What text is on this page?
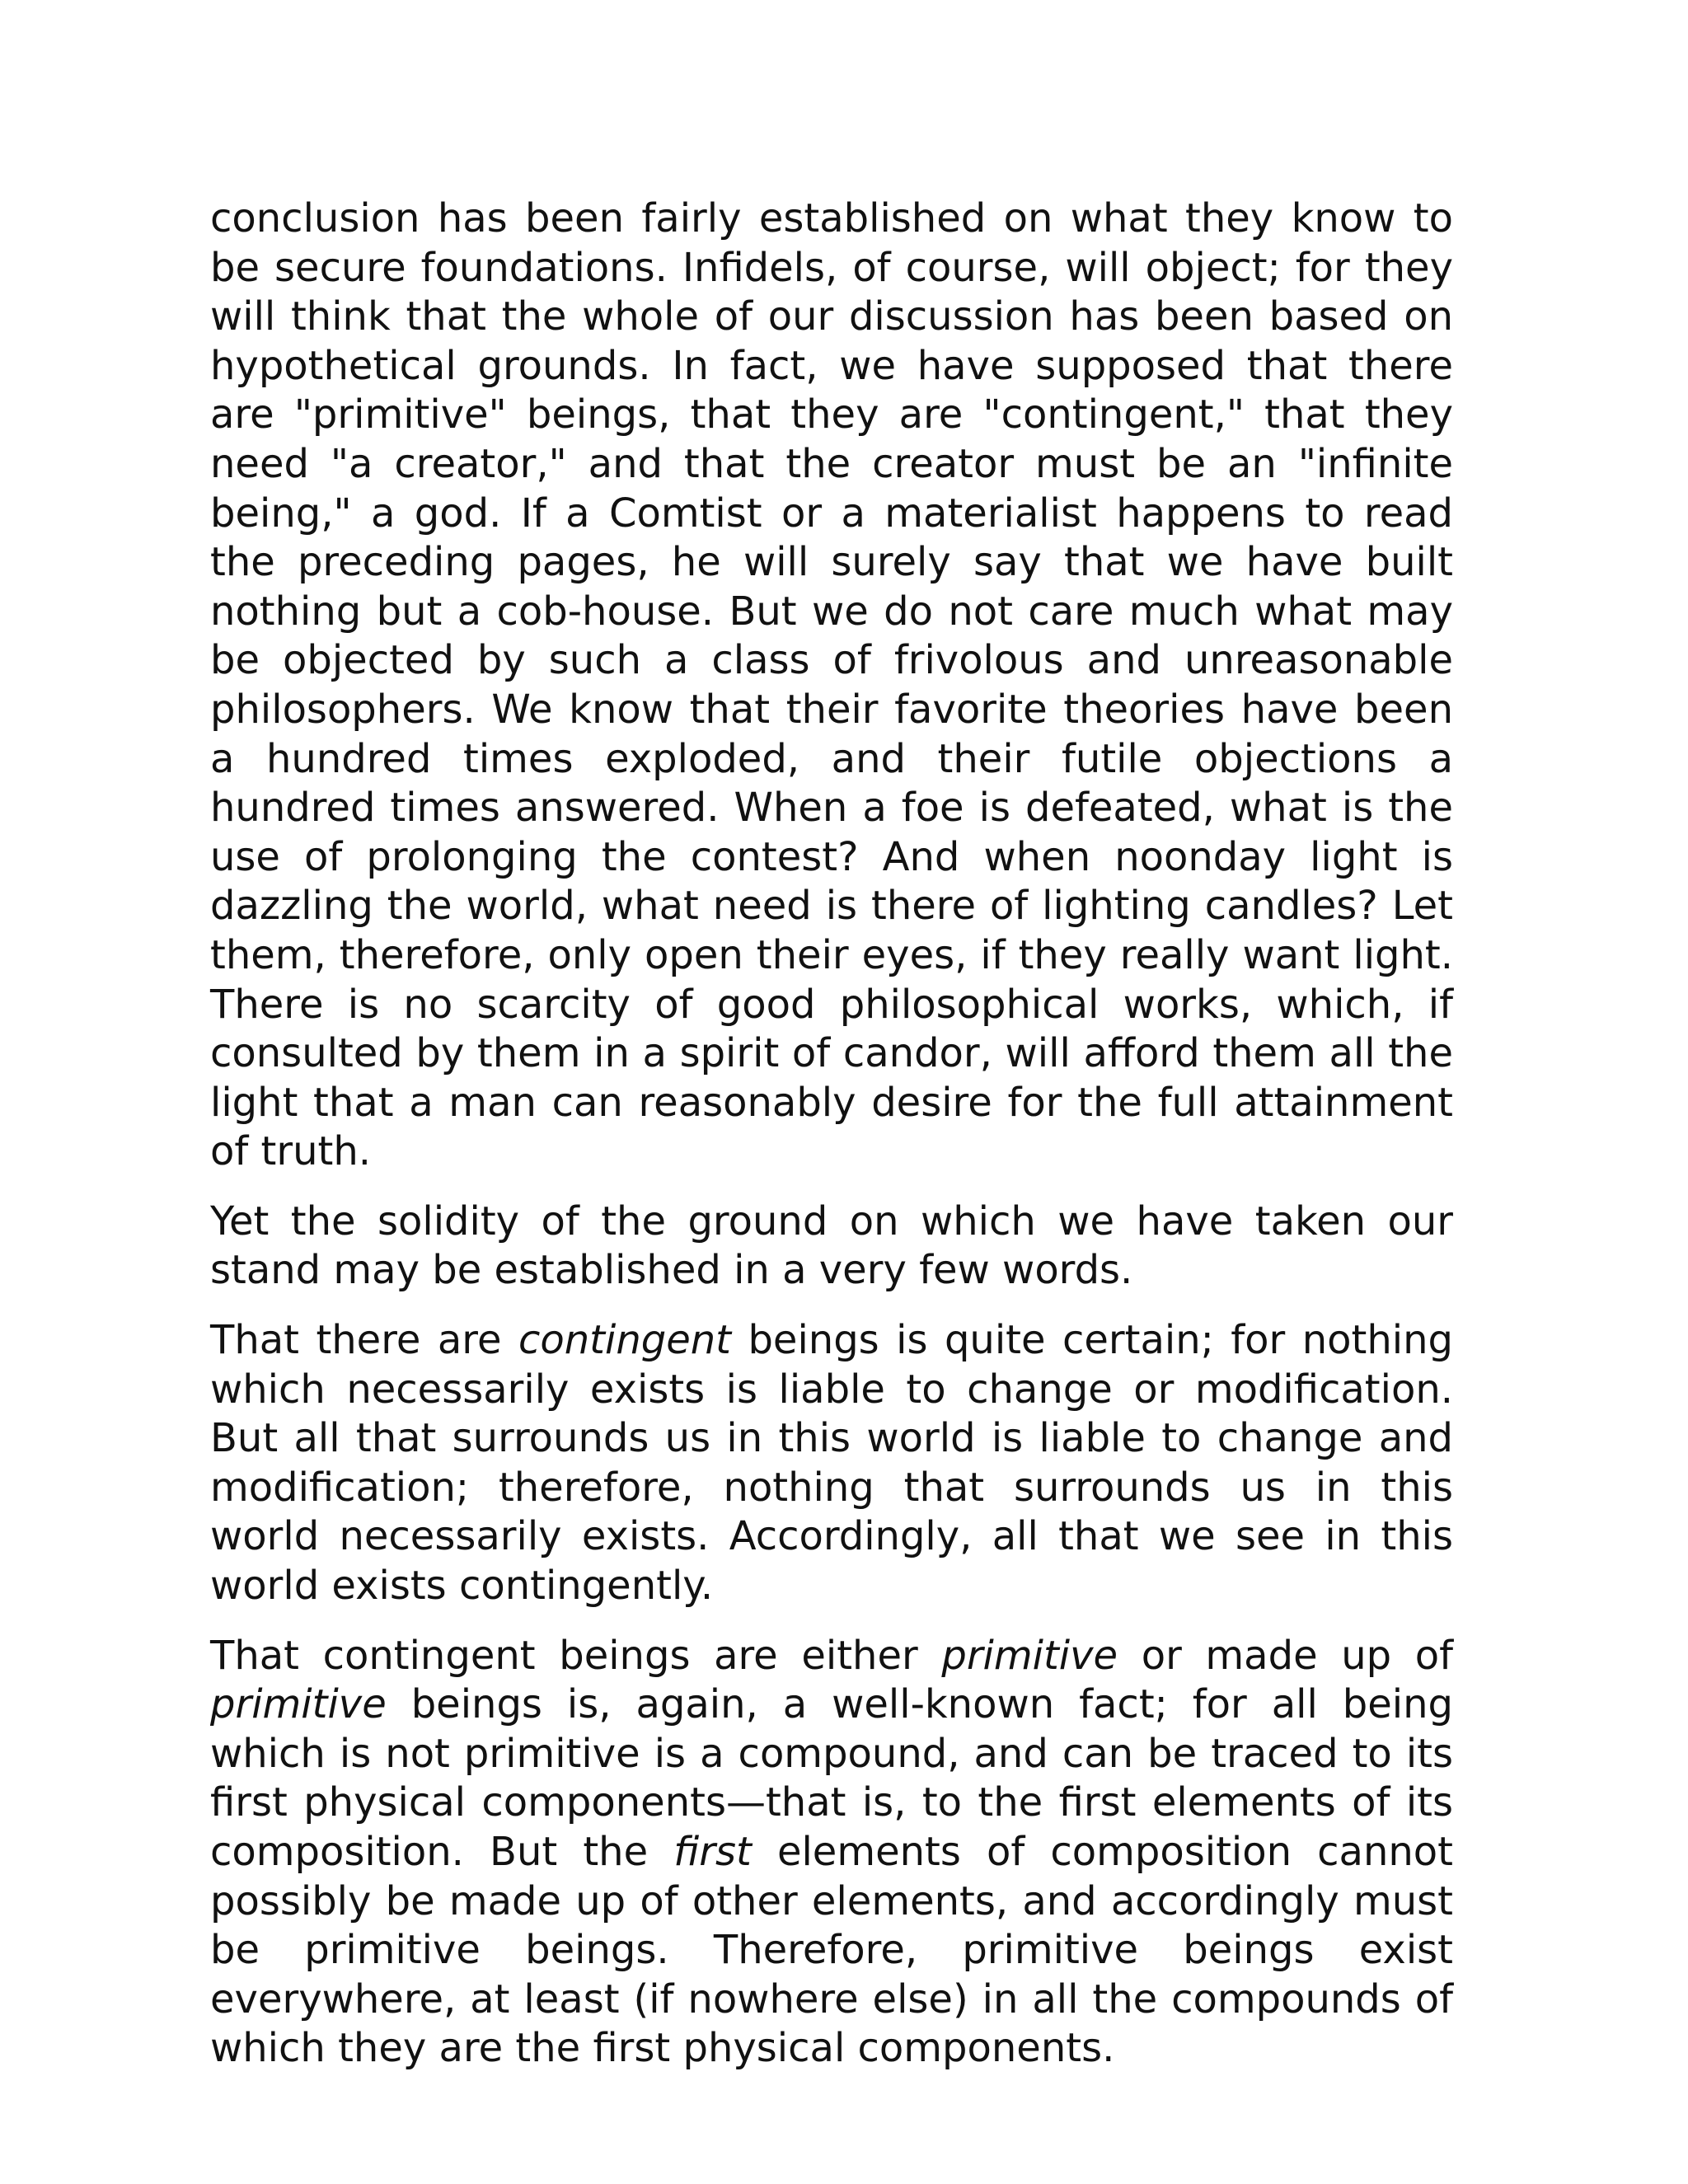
conclusion has been fairly established on what they know to be secure foundations. Infidels, of course, will object; for they will think that the whole of our discussion has been based on hypothetical grounds. In fact, we have supposed that there are "primitive" beings, that they are "contingent," that they need "a creator," and that the creator must be an "infinite being," a god. If a Comtist or a materialist happens to read the preceding pages, he will surely say that we have built nothing but a cob-house. But we do not care much what may be objected by such a class of frivolous and unreasonable philosophers. We know that their favorite theories have been a hundred times exploded, and their futile objections a hundred times answered. When a foe is defeated, what is the use of prolonging the contest? And when noonday light is dazzling the world, what need is there of lighting candles? Let them, therefore, only open their eyes, if they really want light. There is no scarcity of good philosophical works, which, if consulted by them in a spirit of candor, will afford them all the light that a man can reasonably desire for the full attainment of truth.

Yet the solidity of the ground on which we have taken our stand may be established in a very few words.

That there are contingent beings is quite certain; for nothing which necessarily exists is liable to change or modification. But all that surrounds us in this world is liable to change and modification; therefore, nothing that surrounds us in this world necessarily exists. Accordingly, all that we see in this world exists contingently.

That contingent beings are either primitive or made up of primitive beings is, again, a well-known fact; for all being which is not primitive is a compound, and can be traced to its first physical components—that is, to the first elements of its composition. But the first elements of composition cannot possibly be made up of other elements, and accordingly must be primitive beings. Therefore, primitive beings exist everywhere, at least (if nowhere else) in all the compounds of which they are the first physical components.
